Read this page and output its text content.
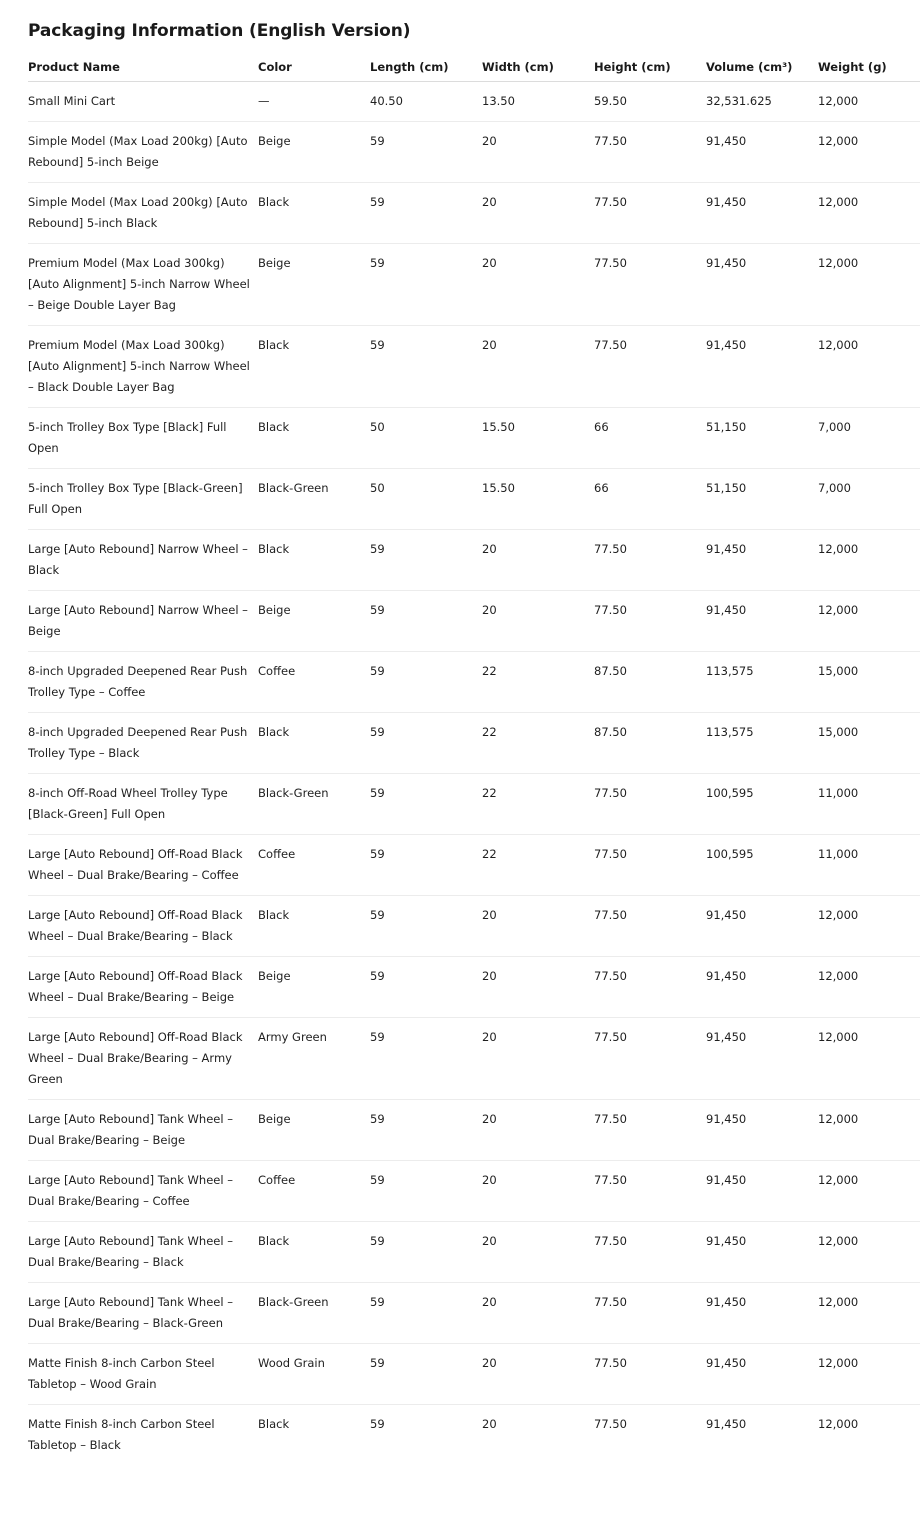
Packaging Information (English Version)
Product Name	Color	Length (cm)	Width (cm)	Height (cm)	Volume (cm³)	Weight (g)
Small Mini Cart	—	40.50	13.50	59.50	32,531.625	12,000
Simple Model (Max Load 200kg) [Auto Rebound] 5-inch Beige	Beige	59	20	77.50	91,450	12,000
Simple Model (Max Load 200kg) [Auto Rebound] 5-inch Black	Black	59	20	77.50	91,450	12,000
Premium Model (Max Load 300kg) [Auto Alignment] 5-inch Narrow Wheel – Beige Double Layer Bag	Beige	59	20	77.50	91,450	12,000
Premium Model (Max Load 300kg) [Auto Alignment] 5-inch Narrow Wheel – Black Double Layer Bag	Black	59	20	77.50	91,450	12,000
5-inch Trolley Box Type [Black] Full Open	Black	50	15.50	66	51,150	7,000
5-inch Trolley Box Type [Black-Green] Full Open	Black-Green	50	15.50	66	51,150	7,000
Large [Auto Rebound] Narrow Wheel – Black	Black	59	20	77.50	91,450	12,000
Large [Auto Rebound] Narrow Wheel – Beige	Beige	59	20	77.50	91,450	12,000
8-inch Upgraded Deepened Rear Push Trolley Type – Coffee	Coffee	59	22	87.50	113,575	15,000
8-inch Upgraded Deepened Rear Push Trolley Type – Black	Black	59	22	87.50	113,575	15,000
8-inch Off-Road Wheel Trolley Type [Black-Green] Full Open	Black-Green	59	22	77.50	100,595	11,000
Large [Auto Rebound] Off-Road Black Wheel – Dual Brake/Bearing – Coffee	Coffee	59	22	77.50	100,595	11,000
Large [Auto Rebound] Off-Road Black Wheel – Dual Brake/Bearing – Black	Black	59	20	77.50	91,450	12,000
Large [Auto Rebound] Off-Road Black Wheel – Dual Brake/Bearing – Beige	Beige	59	20	77.50	91,450	12,000
Large [Auto Rebound] Off-Road Black Wheel – Dual Brake/Bearing – Army Green	Army Green	59	20	77.50	91,450	12,000
Large [Auto Rebound] Tank Wheel – Dual Brake/Bearing – Beige	Beige	59	20	77.50	91,450	12,000
Large [Auto Rebound] Tank Wheel – Dual Brake/Bearing – Coffee	Coffee	59	20	77.50	91,450	12,000
Large [Auto Rebound] Tank Wheel – Dual Brake/Bearing – Black	Black	59	20	77.50	91,450	12,000
Large [Auto Rebound] Tank Wheel – Dual Brake/Bearing – Black-Green	Black-Green	59	20	77.50	91,450	12,000
Matte Finish 8-inch Carbon Steel Tabletop – Wood Grain	Wood Grain	59	20	77.50	91,450	12,000
Matte Finish 8-inch Carbon Steel Tabletop – Black	Black	59	20	77.50	91,450	12,000
